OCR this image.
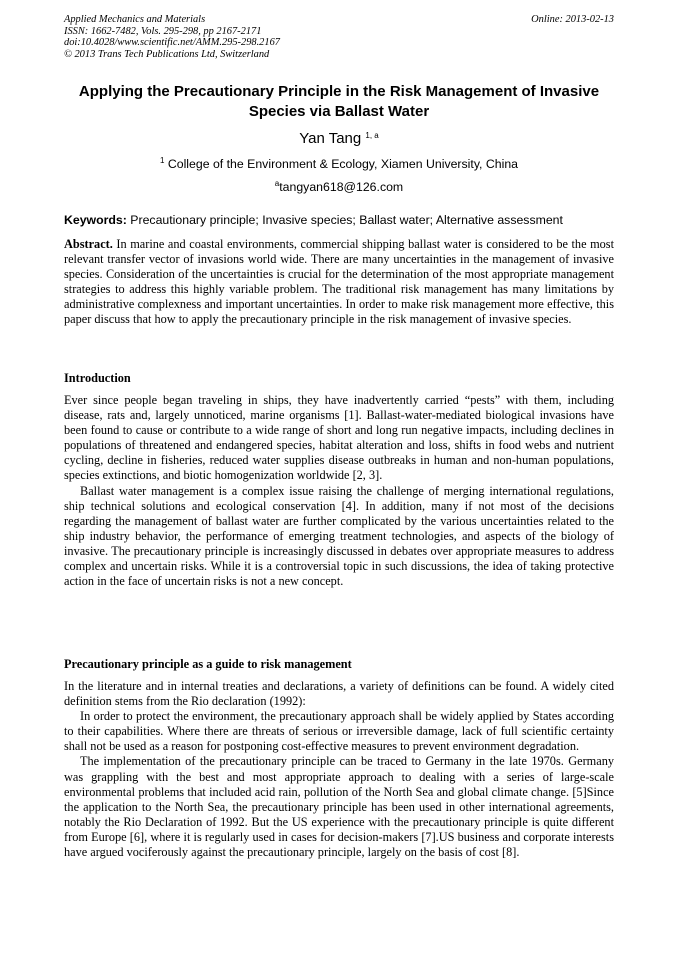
Applied Mechanics and Materials
ISSN: 1662-7482, Vols. 295-298, pp 2167-2171
doi:10.4028/www.scientific.net/AMM.295-298.2167
© 2013 Trans Tech Publications Ltd, Switzerland
Online: 2013-02-13
Applying the Precautionary Principle in the Risk Management of Invasive Species via Ballast Water
Yan Tang $^{1, a}$
$^1$ College of the Environment & Ecology, Xiamen University, China
$^a$tangyan618@126.com
Keywords: Precautionary principle; Invasive species; Ballast water; Alternative assessment

Abstract. In marine and coastal environments, commercial shipping ballast water is considered to be the most relevant transfer vector of invasions world wide. There are many uncertainties in the management of invasive species. Consideration of the uncertainties is crucial for the determination of the most appropriate management strategies to address this highly variable problem. The traditional risk management has many limitations by administrative complexness and important uncertainties. In order to make risk management more effective, this paper discuss that how to apply the precautionary principle in the risk management of invasive species.

Introduction

Ever since people began traveling in ships, they have inadvertently carried “pests” with them, including disease, rats and, largely unnoticed, marine organisms [1]. Ballast-water-mediated biological invasions have been found to cause or contribute to a wide range of short and long run negative impacts, including declines in populations of threatened and endangered species, habitat alteration and loss, shifts in food webs and nutrient cycling, decline in fisheries, reduced water supplies disease outbreaks in human and non-human populations, species extinctions, and biotic homogenization worldwide [2, 3].

Ballast water management is a complex issue raising the challenge of merging international regulations, ship technical solutions and ecological conservation [4]. In addition, many if not most of the decisions regarding the management of ballast water are further complicated by the various uncertainties related to the ship industry behavior, the performance of emerging treatment technologies, and aspects of the biology of invasive. The precautionary principle is increasingly discussed in debates over appropriate measures to address complex and uncertain risks. While it is a controversial topic in such discussions, the idea of taking protective action in the face of uncertain risks is not a new concept.

Precautionary principle as a guide to risk management

In the literature and in internal treaties and declarations, a variety of definitions can be found. A widely cited definition stems from the Rio declaration (1992):

In order to protect the environment, the precautionary approach shall be widely applied by States according to their capabilities. Where there are threats of serious or irreversible damage, lack of full scientific certainty shall not be used as a reason for postponing cost-effective measures to prevent environment degradation.

The implementation of the precautionary principle can be traced to Germany in the late 1970s. Germany was grappling with the best and most appropriate approach to dealing with a series of large-scale environmental problems that included acid rain, pollution of the North Sea and global climate change. [5]Since the application to the North Sea, the precautionary principle has been used in other international agreements, notably the Rio Declaration of 1992. But the US experience with the precautionary principle is quite different from Europe [6], where it is regularly used in cases for decision-makers [7].US business and corporate interests have argued vociferously against the precautionary principle, largely on the basis of cost [8].
